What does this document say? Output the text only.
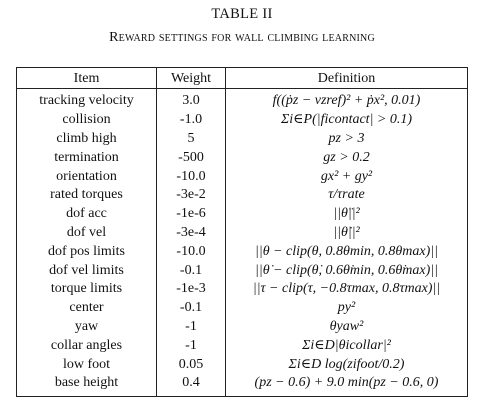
TABLE II
Reward settings for wall climbing learning
Item	Weight	Definition
tracking velocity	3.0	f((ṗz − vzref)² + ṗx², 0.01)
collision	-1.0	Σi∈P(|ficontact| > 0.1)
climb high	5	pz > 3
termination	-500	gz > 0.2
orientation	-10.0	gx² + gy²
rated torques	-3e-2	τ/τrate
dof acc	-1e-6	||θ̈||²
dof vel	-3e-4	||θ̇||²
dof pos limits	-10.0	||θ − clip(θ, 0.8θmin, 0.8θmax)||
dof vel limits	-0.1	||θ̇ − clip(θ̇, 0.6θ̇min, 0.6θ̇max)||
torque limits	-1e-3	||τ − clip(τ, −0.8τmax, 0.8τmax)||
center	-0.1	py²
yaw	-1	θyaw²
collar angles	-1	Σi∈D|θicollar|²
low foot	0.05	Σi∈D log(zifoot/0.2)
base height	0.4	(pz − 0.6) + 9.0 min(pz − 0.6, 0)
